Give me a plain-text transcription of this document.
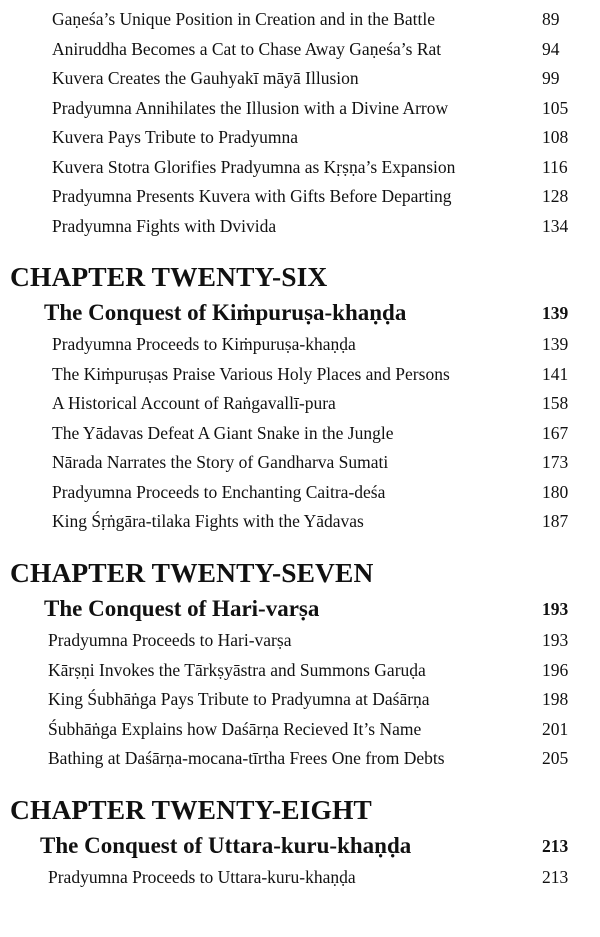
Gaṇeśa’s Unique Position in Creation and in the Battle	89
Aniruddha Becomes a Cat to Chase Away Gaṇeśa’s Rat	94
Kuvera Creates the Gauhyakī māyā Illusion	99
Pradyumna Annihilates the Illusion with a Divine Arrow	105
Kuvera Pays Tribute to Pradyumna	108
Kuvera Stotra Glorifies Pradyumna as Kṛṣṇa’s Expansion	116
Pradyumna Presents Kuvera with Gifts Before Departing	128
Pradyumna Fights with Dvivida	134
CHAPTER TWENTY-SIX
The Conquest of Kiṁpuruṣa-khaṇḍa	139
Pradyumna Proceeds to Kiṁpuruṣa-khaṇḍa	139
The Kiṁpuruṣas Praise Various Holy Places and Persons	141
A Historical Account of Raṅgavallī-pura	158
The Yādavas Defeat A Giant Snake in the Jungle	167
Nārada Narrates the Story of Gandharva Sumati	173
Pradyumna Proceeds to Enchanting Caitra-deśa	180
King Śṛṅgāra-tilaka Fights with the Yādavas	187
CHAPTER TWENTY-SEVEN
The Conquest of Hari-varṣa	193
Pradyumna Proceeds to Hari-varṣa	193
Kārṣṇi Invokes the Tārkṣyāstra and Summons Garuḍa	196
King Śubhāṅga Pays Tribute to Pradyumna at Daśārṇa	198
Śubhāṅga Explains how Daśārṇa Recieved It’s Name	201
Bathing at Daśārṇa-mocana-tīrtha Frees One from Debts	205
CHAPTER TWENTY-EIGHT
The Conquest of Uttara-kuru-khaṇḍa	213
Pradyumna Proceeds to Uttara-kuru-khaṇḍa	213
